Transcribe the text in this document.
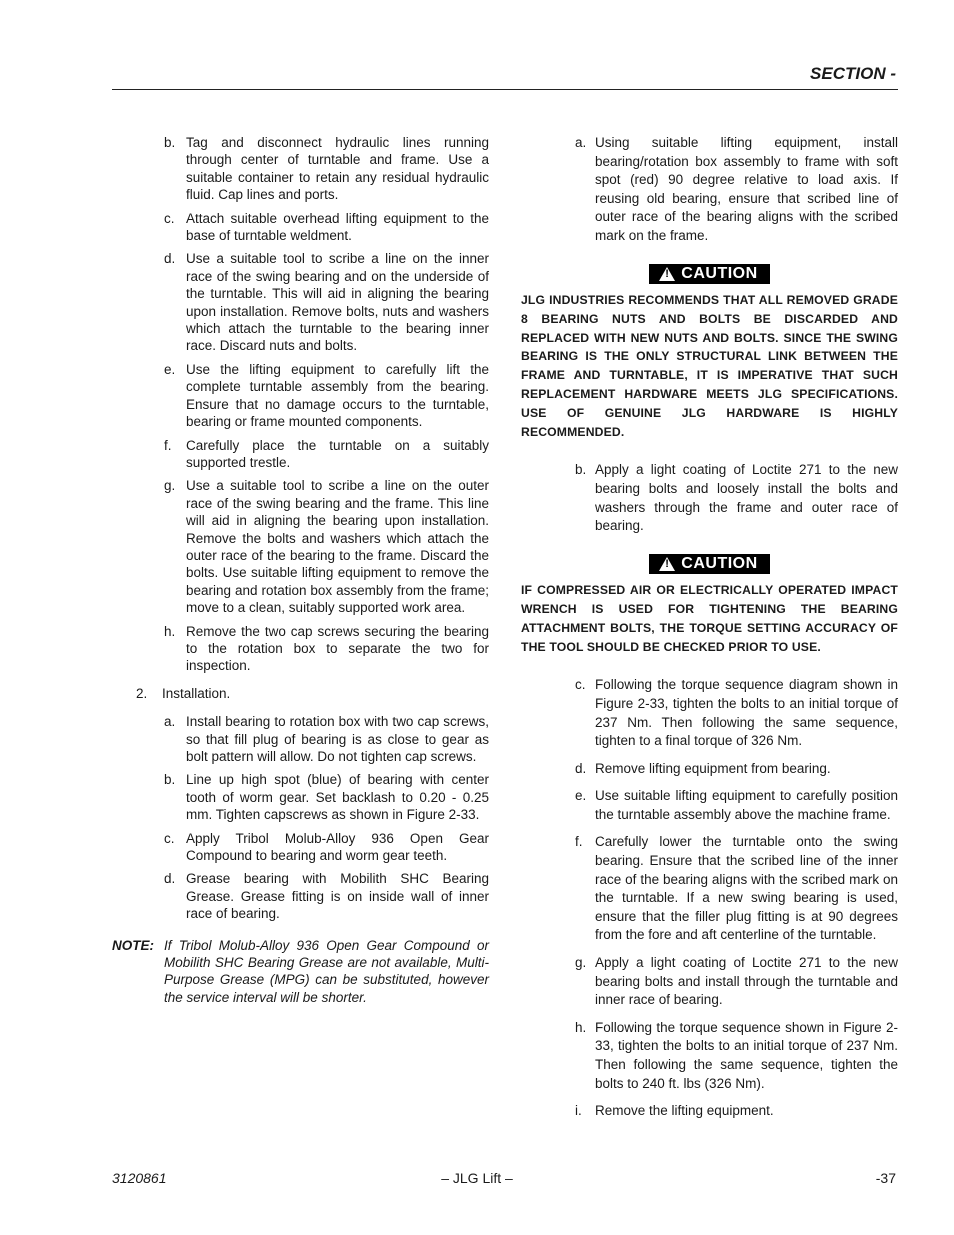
SECTION -
b. Tag and disconnect hydraulic lines running through center of turntable and frame. Use a suitable container to retain any residual hydraulic fluid. Cap lines and ports.
c. Attach suitable overhead lifting equipment to the base of turntable weldment.
d. Use a suitable tool to scribe a line on the inner race of the swing bearing and on the underside of the turntable. This will aid in aligning the bearing upon installation. Remove bolts, nuts and washers which attach the turntable to the bearing inner race. Discard nuts and bolts.
e. Use the lifting equipment to carefully lift the complete turntable assembly from the bearing. Ensure that no damage occurs to the turntable, bearing or frame mounted components.
f. Carefully place the turntable on a suitably supported trestle.
g. Use a suitable tool to scribe a line on the outer race of the swing bearing and the frame. This line will aid in aligning the bearing upon installation. Remove the bolts and washers which attach the outer race of the bearing to the frame. Discard the bolts. Use suitable lifting equipment to remove the bearing and rotation box assembly from the frame; move to a clean, suitably supported work area.
h. Remove the two cap screws securing the bearing to the rotation box to separate the two for inspection.
2. Installation.
a. Install bearing to rotation box with two cap screws, so that fill plug of bearing is as close to gear as bolt pattern will allow. Do not tighten cap screws.
b. Line up high spot (blue) of bearing with center tooth of worm gear. Set backlash to 0.20 - 0.25 mm. Tighten capscrews as shown in Figure 2-33.
c. Apply Tribol Molub-Alloy 936 Open Gear Compound to bearing and worm gear teeth.
d. Grease bearing with Mobilith SHC Bearing Grease. Grease fitting is on inside wall of inner race of bearing.
NOTE: If Tribol Molub-Alloy 936 Open Gear Compound or Mobilith SHC Bearing Grease are not available, Multi-Purpose Grease (MPG) can be substituted, however the service interval will be shorter.
a. Using suitable lifting equipment, install bearing/rotation box assembly to frame with soft spot (red) 90 degree relative to load axis. If reusing old bearing, ensure that scribed line of outer race of the bearing aligns with the scribed mark on the frame.
!
CAUTION
JLG INDUSTRIES RECOMMENDS THAT ALL REMOVED GRADE 8 BEARING NUTS AND BOLTS BE DISCARDED AND REPLACED WITH NEW NUTS AND BOLTS. SINCE THE SWING BEARING IS THE ONLY STRUCTURAL LINK BETWEEN THE FRAME AND TURNTABLE, IT IS IMPERATIVE THAT SUCH REPLACEMENT HARDWARE MEETS JLG SPECIFICATIONS. USE OF GENUINE JLG HARDWARE IS HIGHLY RECOMMENDED.
b. Apply a light coating of Loctite 271 to the new bearing bolts and loosely install the bolts and washers through the frame and outer race of bearing.
!
CAUTION
IF COMPRESSED AIR OR ELECTRICALLY OPERATED IMPACT WRENCH IS USED FOR TIGHTENING THE BEARING ATTACHMENT BOLTS, THE TORQUE SETTING ACCURACY OF THE TOOL SHOULD BE CHECKED PRIOR TO USE.
c. Following the torque sequence diagram shown in Figure 2-33, tighten the bolts to an initial torque of 237 Nm. Then following the same sequence, tighten to a final torque of 326 Nm.
d. Remove lifting equipment from bearing.
e. Use suitable lifting equipment to carefully position the turntable assembly above the machine frame.
f. Carefully lower the turntable onto the swing bearing. Ensure that the scribed line of the inner race of the bearing aligns with the scribed mark on the turntable. If a new swing bearing is used, ensure that the filler plug fitting is at 90 degrees from the fore and aft centerline of the turntable.
g. Apply a light coating of Loctite 271 to the new bearing bolts and install through the turntable and inner race of bearing.
h. Following the torque sequence shown in Figure 2-33, tighten the bolts to an initial torque of 237 Nm. Then following the same sequence, tighten the bolts to 240 ft. lbs (326 Nm).
i. Remove the lifting equipment.
3120861	– JLG Lift –	-37
